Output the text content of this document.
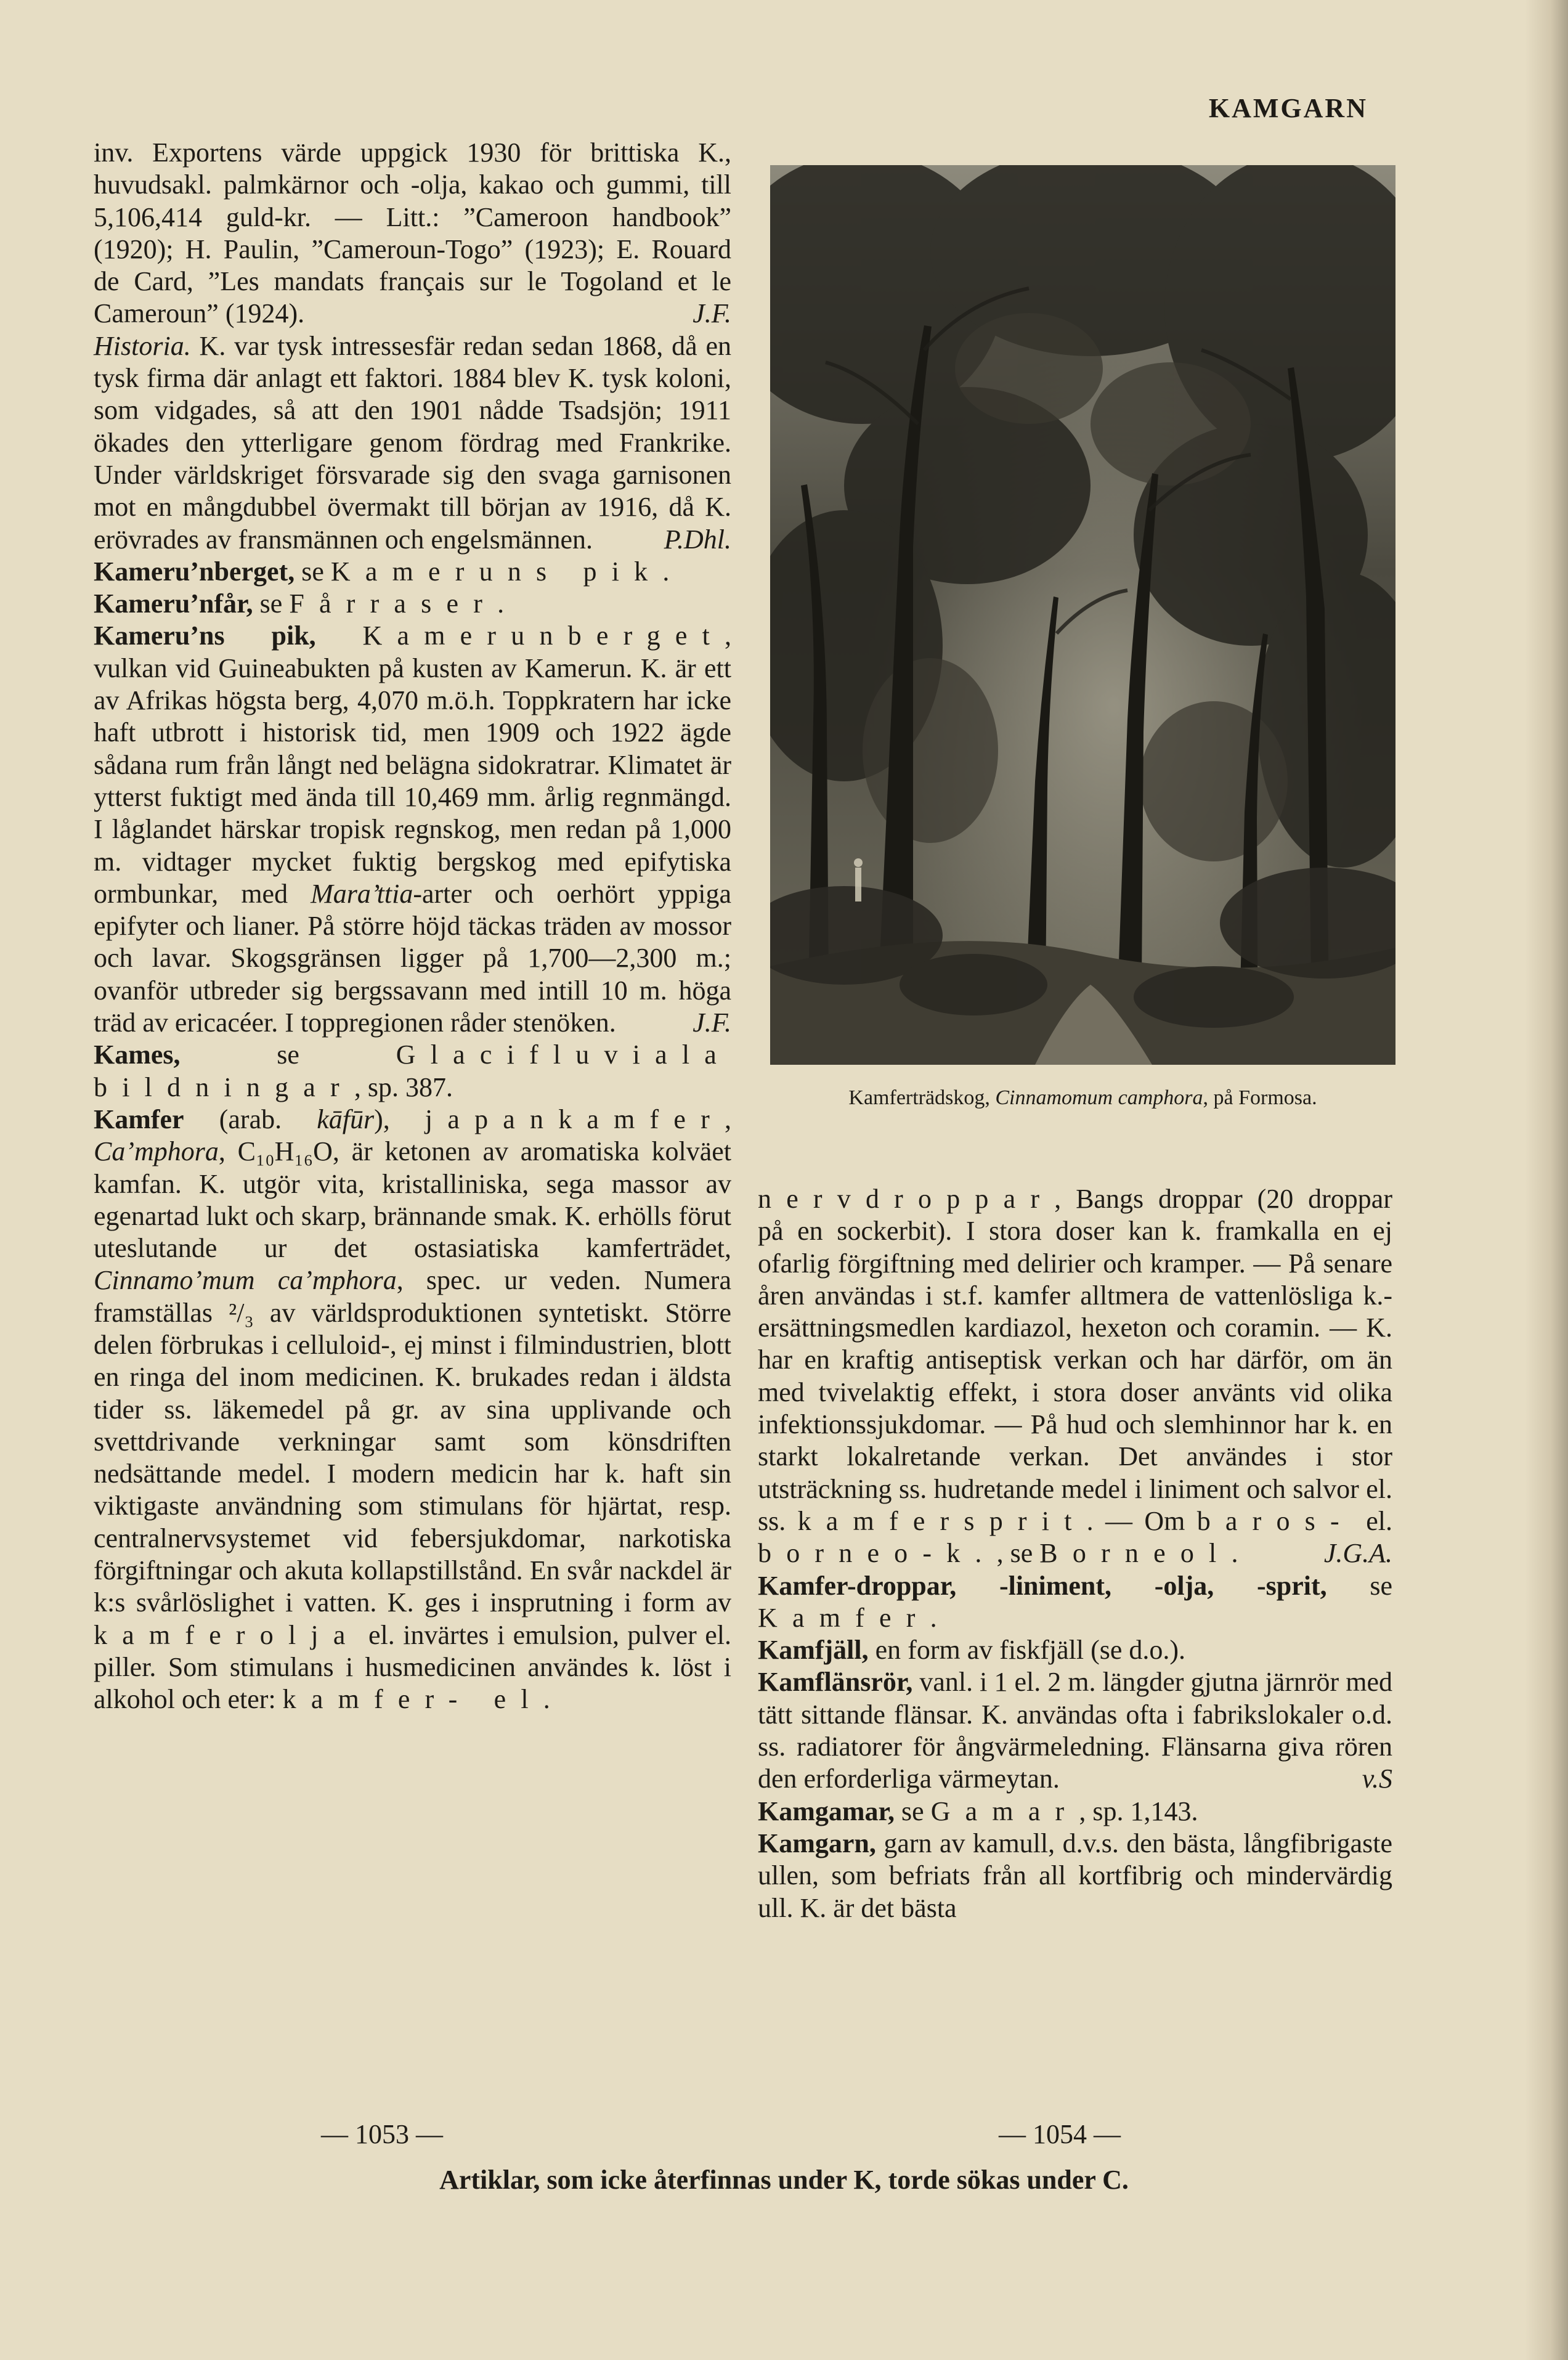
KAMGARN

inv. Exportens värde uppgick 1930 för brittiska K., huvudsakl. palmkärnor och -olja, kakao och gummi, till 5,106,414 guld-kr. — Litt.: ”Cameroon handbook” (1920); H. Paulin, ”Cameroun-Togo” (1923); E. Rouard de Card, ”Les mandats français sur le Togoland et le Cameroun” (1924).	J.F.

Historia. K. var tysk intressesfär redan sedan 1868, då en tysk firma där anlagt ett faktori. 1884 blev K. tysk koloni, som vidgades, så att den 1901 nådde Tsadsjön; 1911 ökades den ytterligare genom fördrag med Frankrike. Under världskriget försvarade sig den svaga garnisonen mot en mångdubbel övermakt till början av 1916, då K. erövrades av fransmännen och engelsmännen.	P.Dhl.

Kameru’nberget, se Kameruns pik.

Kameru’nfår, se Fårraser.

Kameru’ns pik, Kamerunberget, vulkan vid Guineabukten på kusten av Kamerun. K. är ett av Afrikas högsta berg, 4,070 m.ö.h. Toppkratern har icke haft utbrott i historisk tid, men 1909 och 1922 ägde sådana rum från långt ned belägna sidokratrar. Klimatet är ytterst fuktigt med ända till 10,469 mm. årlig regnmängd. I låglandet härskar tropisk regnskog, men redan på 1,000 m. vidtager mycket fuktig bergskog med epifytiska ormbunkar, med Mara’ttia-arter och oerhört yppiga epifyter och lianer. På större höjd täckas träden av mossor och lavar. Skogsgränsen ligger på 1,700—2,300 m.; ovanför utbreder sig bergssavann med intill 10 m. höga träd av ericacéer. I toppregionen råder stenöken.	J.F.

Kames, se Glacifluviala bildningar, sp. 387.

Kamfer (arab. kāfūr), japankamfer, Ca’mphora, C₁₀H₁₆O, är ketonen av aromatiska kolväet kamfan. K. utgör vita, kristalliniska, sega massor av egenartad lukt och skarp, brännande smak. K. erhölls förut uteslutande ur det ostasiatiska kamferträdet, Cinnamo’mum ca’mphora, spec. ur veden. Numera framställas ²/₃ av världsproduktionen syntetiskt. Större delen förbrukas i celluloid-, ej minst i filmindustrien, blott en ringa del inom medicinen. K. brukades redan i äldsta tider ss. läkemedel på gr. av sina upplivande och svettdrivande verkningar samt som könsdriften nedsättande medel. I modern medicin har k. haft sin viktigaste användning som stimulans för hjärtat, resp. centralnervsystemet vid febersjukdomar, narkotiska förgiftningar och akuta kollapstillstånd. En svår nackdel är k:s svårlöslighet i vatten. K. ges i insprutning i form av kamferolja el. invärtes i emulsion, pulver el. piller. Som stimulans i husmedicinen användes k. löst i alkohol och eter: kamfer- el.

Kamferträdskog, Cinnamomum camphora, på Formosa.

nervdroppar, Bangs droppar (20 droppar på en sockerbit). I stora doser kan k. framkalla en ej ofarlig förgiftning med delirier och kramper. — På senare åren användas i st.f. kamfer alltmera de vattenlösliga k.-ersättningsmedlen kardiazol, hexeton och coramin. — K. har en kraftig antiseptisk verkan och har därför, om än med tvivelaktig effekt, i stora doser använts vid olika infektionssjukdomar. — På hud och slemhinnor har k. en starkt lokalretande verkan. Det användes i stor utsträckning ss. hudretande medel i liniment och salvor el. ss. kamfersprit. — Om baros- el. borneo-k., se Borneol.	J.G.A.

Kamfer-droppar, -liniment, -olja, -sprit, se Kamfer.

Kamfjäll, en form av fiskfjäll (se d.o.).

Kamflänsrör, vanl. i 1 el. 2 m. längder gjutna järnrör med tätt sittande flänsar. K. användas ofta i fabrikslokaler o.d. ss. radiatorer för ångvärmeledning. Flänsarna giva rören den erforderliga värmeytan.	v.S

Kamgamar, se Gamar, sp. 1,143.

Kamgarn, garn av kamull, d.v.s. den bästa, långfibrigaste ullen, som befriats från all kortfibrig och mindervärdig ull. K. är det bästa

— 1053 —	— 1054 —
Artiklar, som icke återfinnas under K, torde sökas under C.
